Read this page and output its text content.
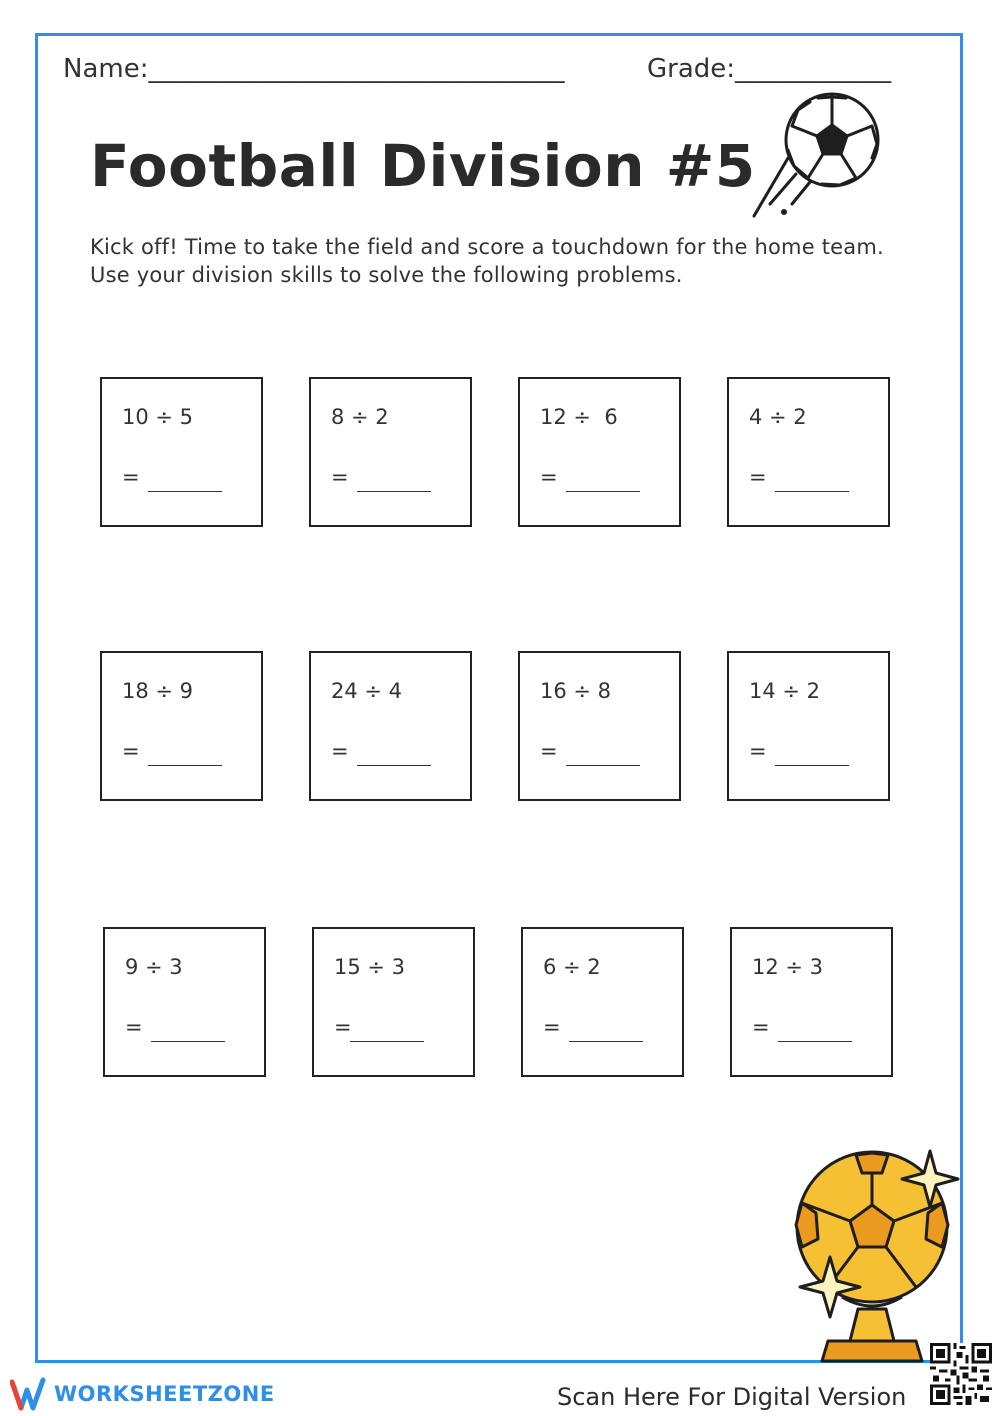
Name:________________________________	Grade:____________
Football Division #5
Kick off! Time to take the field and score a touchdown for the home team.
Use your division skills to solve the following problems.
10 ÷ 5
=
8 ÷ 2
=
12 ÷  6
=
4 ÷ 2
=
18 ÷ 9
=
24 ÷ 4
=
16 ÷ 8
=
14 ÷ 2
=
9 ÷ 3
=
15 ÷ 3
=
6 ÷ 2
=
12 ÷ 3
=
WORKSHEETZONE	Scan Here For Digital Version
